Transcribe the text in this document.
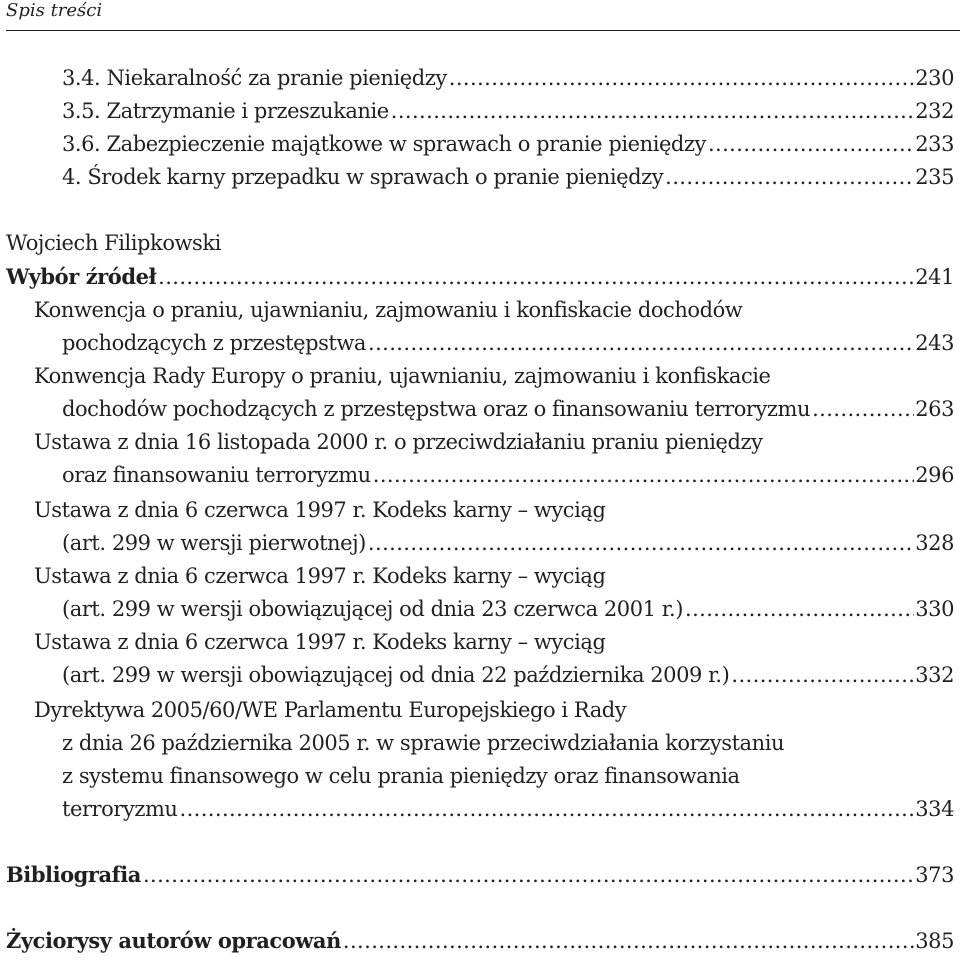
Spis treści
3.4. Niekaralność za pranie pieniędzy .....	230
3.5. Zatrzymanie i przeszukanie .....	232
3.6. Zabezpieczenie majątkowe w sprawach o pranie pieniędzy .....	233
4. Środek karny przepadku w sprawach o pranie pieniędzy .....	235
Wojciech Filipkowski
Wybór źródeł .....	241
Konwencja o praniu, ujawnianiu, zajmowaniu i konfiskacie dochodów
pochodzących z przestępstwa .....	243
Konwencja Rady Europy o praniu, ujawnianiu, zajmowaniu i konfiskacie
dochodów pochodzących z przestępstwa oraz o finansowaniu terroryzmu .....	263
Ustawa z dnia 16 listopada 2000 r. o przeciwdziałaniu praniu pieniędzy
oraz finansowaniu terroryzmu .....	296
Ustawa z dnia 6 czerwca 1997 r. Kodeks karny – wyciąg
(art. 299 w wersji pierwotnej) .....	328
Ustawa z dnia 6 czerwca 1997 r. Kodeks karny – wyciąg
(art. 299 w wersji obowiązującej od dnia 23 czerwca 2001 r.) .....	330
Ustawa z dnia 6 czerwca 1997 r. Kodeks karny – wyciąg
(art. 299 w wersji obowiązującej od dnia 22 października 2009 r.) .....	332
Dyrektywa 2005/60/WE Parlamentu Europejskiego i Rady
z dnia 26 października 2005 r. w sprawie przeciwdziałania korzystaniu
z systemu finansowego w celu prania pieniędzy oraz finansowania
terroryzmu .....	334
Bibliografia .....	373
Życiorysy autorów opracowań .....	385
